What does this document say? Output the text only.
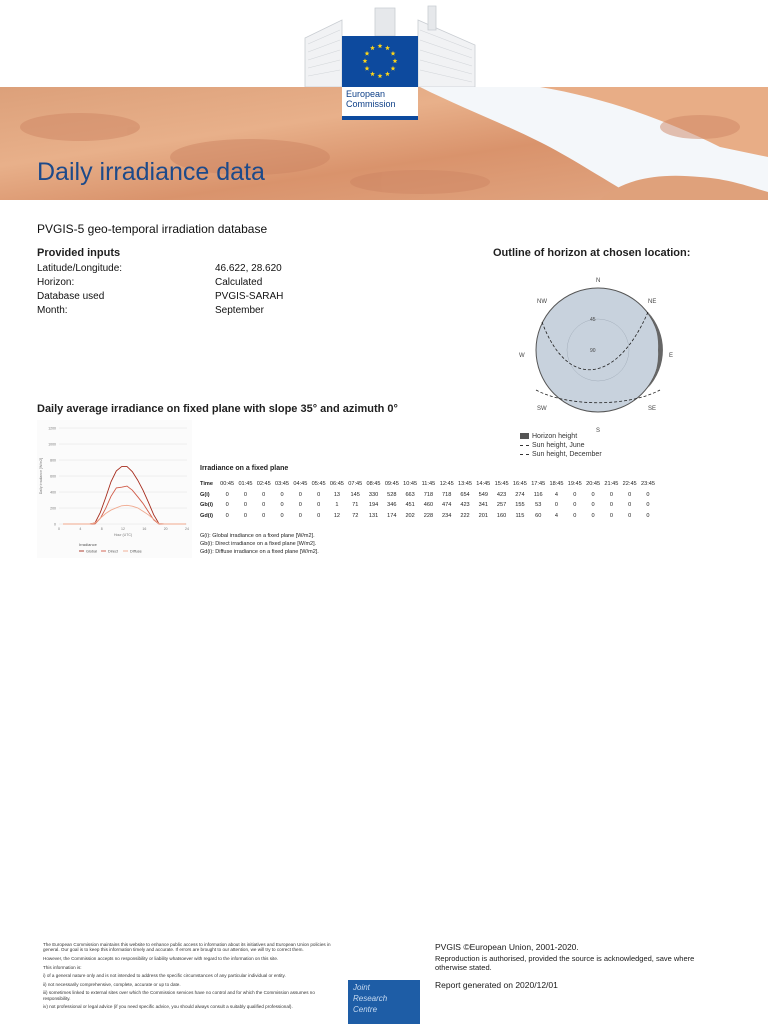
European
Commission
Daily irradiance data
PVGIS-5 geo-temporal irradiation database
Provided inputs
Latitude/Longitude:	46.622, 28.620
Horizon:	Calculated
Database used	PVGIS-SARAH
Month:	September
Outline of horizon at chosen location:
N
NE
E
SE
S
SW
W
NW
45
90
Horizon height
Sun height, June
Sun height, December
Daily average irradiance on fixed plane with slope 35° and azimuth 0°
0
200
400
600
800
1000
1200
0	4	8	12	16	20	24
Hour (UTC)
Daily irradiance [W/m2]
Irradiance
Global	Direct	Diffuse
Irradiance on a fixed plane
Time	00:45	01:45	02:45	03:45	04:45	05:45	06:45	07:45	08:45	09:45	10:45	11:45	12:45	13:45	14:45	15:45	16:45	17:45	18:45	19:45	20:45	21:45	22:45	23:45
G(i)	0	0	0	0	0	0	13	145	330	528	663	718	718	654	549	423	274	116	4	0	0	0	0	0
Gb(i)	0	0	0	0	0	0	1	71	194	346	451	460	474	423	341	257	155	53	0	0	0	0	0	0
Gd(i)	0	0	0	0	0	0	12	72	131	174	202	228	234	222	201	160	115	60	4	0	0	0	0	0
G(i): Global irradiance on a fixed plane [W/m2].
Gb(i): Direct irradiance on a fixed plane [W/m2].
Gd(i): Diffuse irradiance on a fixed plane [W/m2].

The European Commission maintains this website to enhance public access to information about its initiatives and European Union policies in general. Our goal is to keep this information timely and accurate. If errors are brought to our attention, we will try to correct them.

However, the Commission accepts no responsibility or liability whatsoever with regard to the information on this site.

This information is:

i) of a general nature only and is not intended to address the specific circumstances of any particular individual or entity.

ii) not necessarily comprehensive, complete, accurate or up to date.

iii) sometimes linked to external sites over which the Commission services have no control and for which the Commission assumes no responsibility.

iv) not professional or legal advice (if you need specific advice, you should always consult a suitably qualified professional).

Joint
Research
Centre
PVGIS ©European Union, 2001-2020.
Reproduction is authorised, provided the source is acknowledged, save where otherwise stated.
Report generated on 2020/12/01
